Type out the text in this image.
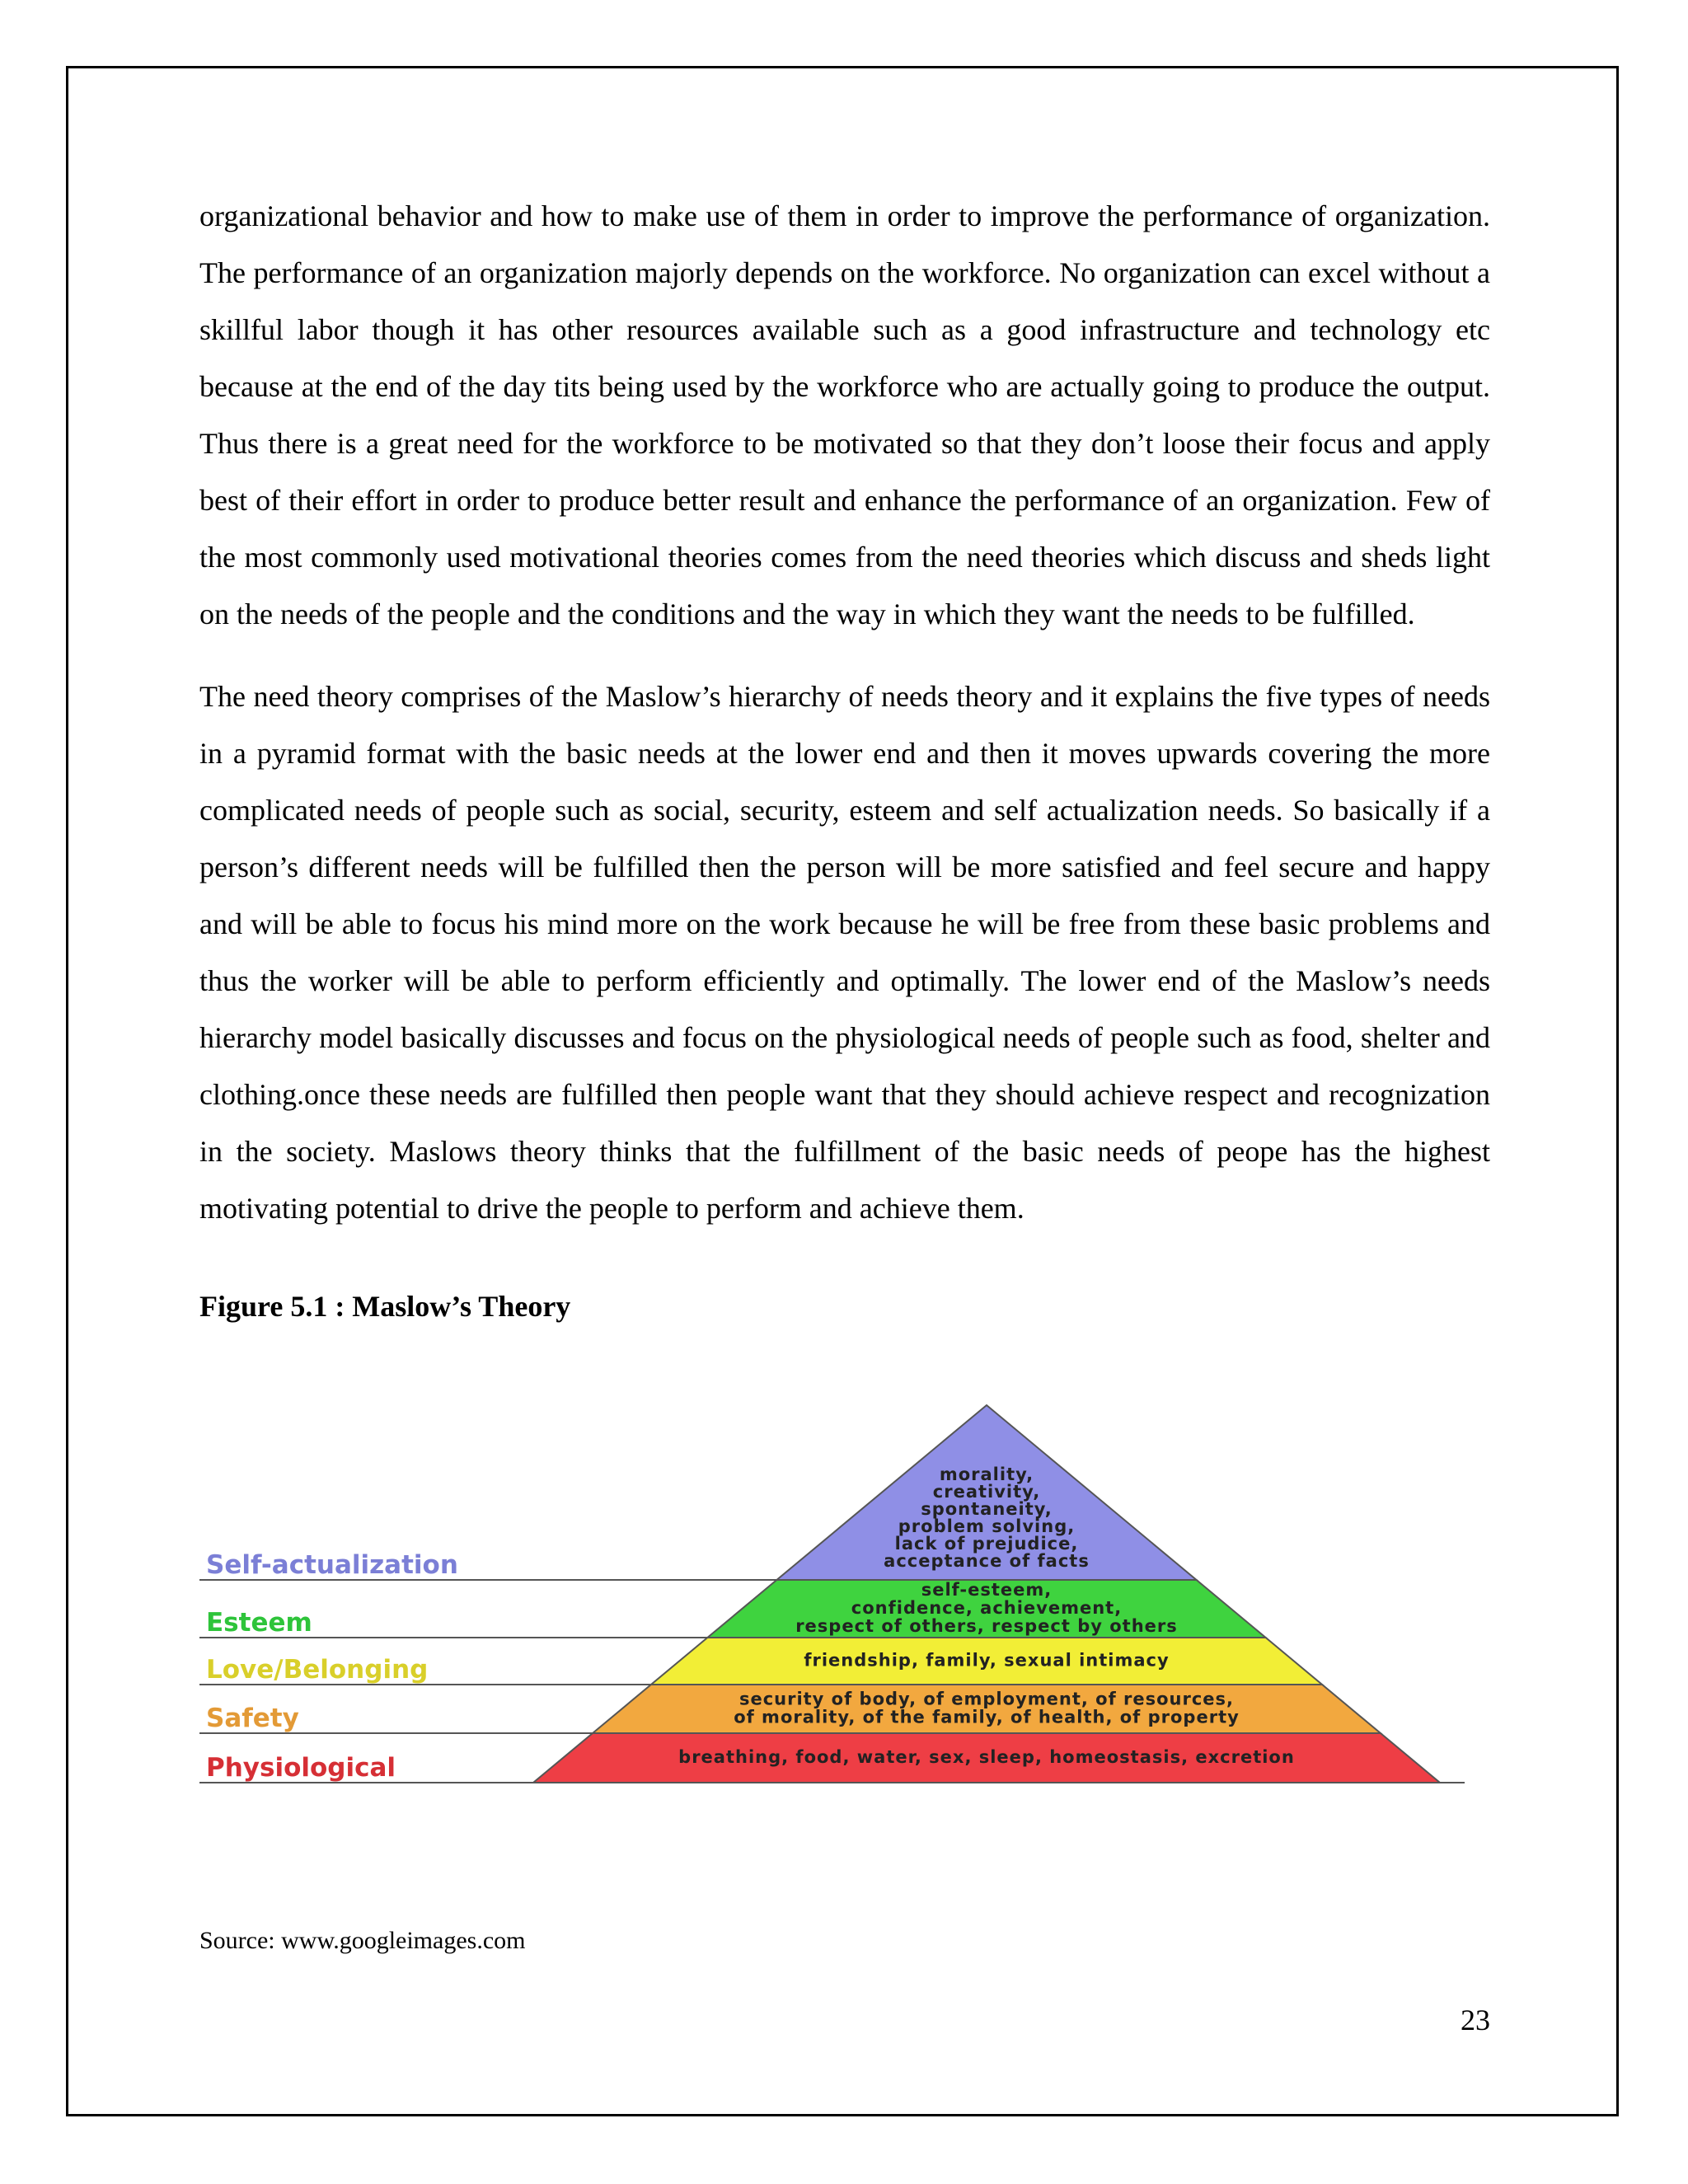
organizational behavior and how to make use of them in order to improve the performance of organization. The performance of an organization majorly depends on the workforce. No organization can excel without a skillful labor though it has other resources available such as a good infrastructure and technology etc because at the end of the day tits being used by the workforce who are actually going to produce the output. Thus there is a great need for the workforce to be motivated so that they don’t loose their focus and apply best of their effort in order to produce better result and enhance the performance of an organization. Few of the most commonly used motivational theories comes from the need theories which discuss and sheds light on the needs of the people and the conditions and the way in which they want the needs to be fulfilled.

The need theory comprises of the Maslow’s hierarchy of needs theory and it explains the five types of needs in a pyramid format with the basic needs at the lower end and then it moves upwards covering the more complicated needs of people such as social, security, esteem and self actualization needs. So basically if a person’s different needs will be fulfilled then the person will be more satisfied and feel secure and happy and will be able to focus his mind more on the work because he will be free from these basic problems and thus the worker will be able to perform efficiently and optimally. The lower end of the Maslow’s needs hierarchy model basically discusses and focus on the physiological needs of people such as food, shelter and clothing.once these needs are fulfilled then people want that they should achieve respect and recognization in the society. Maslows theory thinks that the fulfillment of the basic needs of peope has the highest motivating potential to drive the people to perform and achieve them.

Figure 5.1 : Maslow’s Theory
Self-actualization
morality,
creativity,
spontaneity,
problem solving,
lack of prejudice,
acceptance of facts
Esteem
self-esteem,
confidence, achievement,
respect of others, respect by others
Love/Belonging	friendship, family, sexual intimacy
Safety
security of body, of employment, of resources,
of morality, of the family, of health, of property
Physiological	breathing, food, water, sex, sleep, homeostasis, excretion
Source: www.googleimages.com
23
